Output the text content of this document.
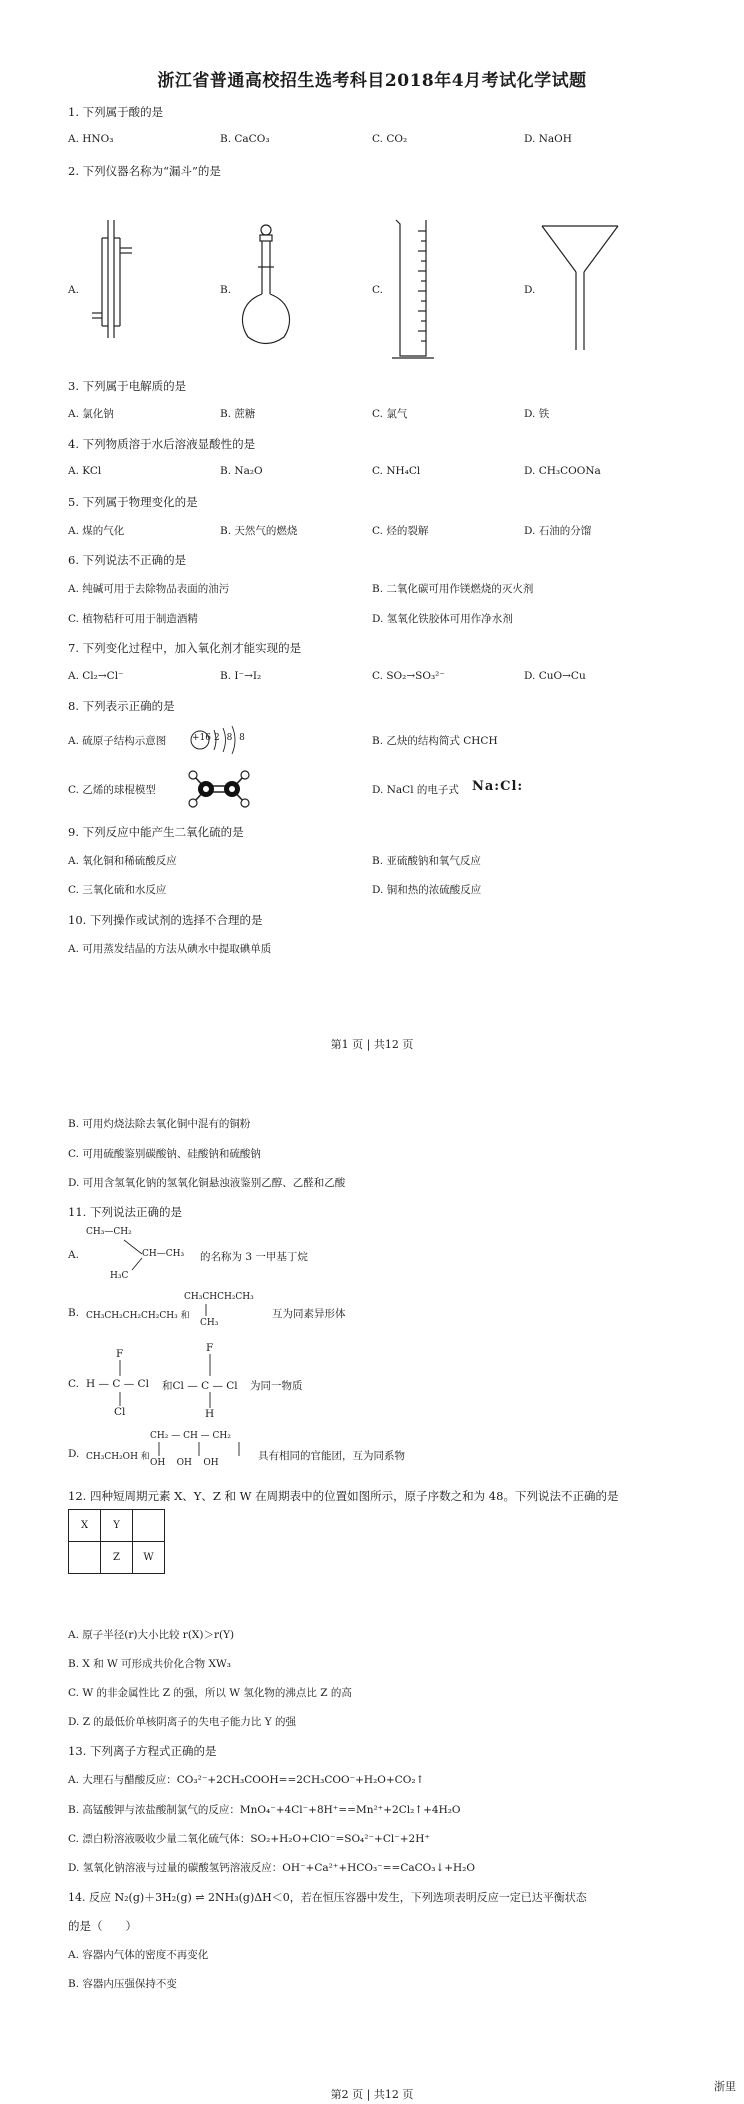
浙江省普通高校招生选考科目2018年4月考试化学试题
1. 下列属于酸的是
A. HNO₃	B. CaCO₃	C. CO₂	D. NaOH
2. 下列仪器名称为“漏斗”的是
A.	B.	C.	D.
3. 下列属于电解质的是
A. 氯化钠	B. 蔗糖	C. 氯气	D. 铁
4. 下列物质溶于水后溶液显酸性的是
A. KCl	B. Na₂O	C. NH₄Cl	D. CH₃COONa
5. 下列属于物理变化的是
A. 煤的气化	B. 天然气的燃烧	C. 烃的裂解	D. 石油的分馏
6. 下列说法不正确的是
A. 纯碱可用于去除物品表面的油污	B. 二氧化碳可用作镁燃烧的灭火剂
C. 植物秸秆可用于制造酒精	D. 氢氧化铁胶体可用作净水剂
7. 下列变化过程中，加入氧化剂才能实现的是
A. Cl₂→Cl⁻	B. I⁻→I₂	C. SO₂→SO₃²⁻	D. CuO→Cu
8. 下列表示正确的是
A. 硫原子结构示意图	+16 2 8 8	B. 乙炔的结构简式 CHCH
C. 乙烯的球棍模型	D. NaCl 的电子式 Na:Cl:
9. 下列反应中能产生二氧化硫的是
A. 氧化铜和稀硫酸反应	B. 亚硫酸钠和氧气反应
C. 三氧化硫和水反应	D. 铜和热的浓硫酸反应
10. 下列操作或试剂的选择不合理的是
A. 可用蒸发结晶的方法从碘水中提取碘单质
第1 页 | 共12 页
B. 可用灼烧法除去氧化铜中混有的铜粉
C. 可用硫酸鉴别碳酸钠、硅酸钠和硫酸钠
D. 可用含氢氧化钠的氢氧化铜悬浊液鉴别乙醇、乙醛和乙酸
11. 下列说法正确的是
A.
CH₃—CH₂
CH—CH₃
H₃C
的名称为 3 一甲基丁烷
B. CH₃CH₂CH₂CH₂CH₃ 和
CH₃CHCH₂CH₃
CH₃
互为同素异形体
C.
F
H — C — Cl
Cl
F
和Cl — C — Cl
H
为同一物质
D. CH₃CH₂OH 和
CH₂ — CH — CH₂
OH    OH    OH
具有相同的官能团，互为同系物
12. 四种短周期元素 X、Y、Z 和 W 在周期表中的位置如图所示，原子序数之和为 48。下列说法不正确的是
X	Y	
	Z	W
A. 原子半径(r)大小比较 r(X)＞r(Y)
B. X 和 W 可形成共价化合物 XW₃
C. W 的非金属性比 Z 的强，所以 W 氢化物的沸点比 Z 的高
D. Z 的最低价单核阴离子的失电子能力比 Y 的强
13. 下列离子方程式正确的是
A. 大理石与醋酸反应：CO₃²⁻+2CH₃COOH==2CH₃COO⁻+H₂O+CO₂↑
B. 高锰酸钾与浓盐酸制氯气的反应：MnO₄⁻+4Cl⁻+8H⁺==Mn²⁺+2Cl₂↑+4H₂O
C. 漂白粉溶液吸收少量二氧化硫气体：SO₂+H₂O+ClO⁻=SO₄²⁻+Cl⁻+2H⁺
D. 氢氧化钠溶液与过量的碳酸氢钙溶液反应：OH⁻+Ca²⁺+HCO₃⁻==CaCO₃↓+H₂O
14. 反应 N₂(g)＋3H₂(g) ⇌ 2NH₃(g)ΔH＜0，若在恒压容器中发生，下列选项表明反应一定已达平衡状态
的是（　　）
A. 容器内气体的密度不再变化
B. 容器内压强保持不变
浙里
第2 页 | 共12 页
